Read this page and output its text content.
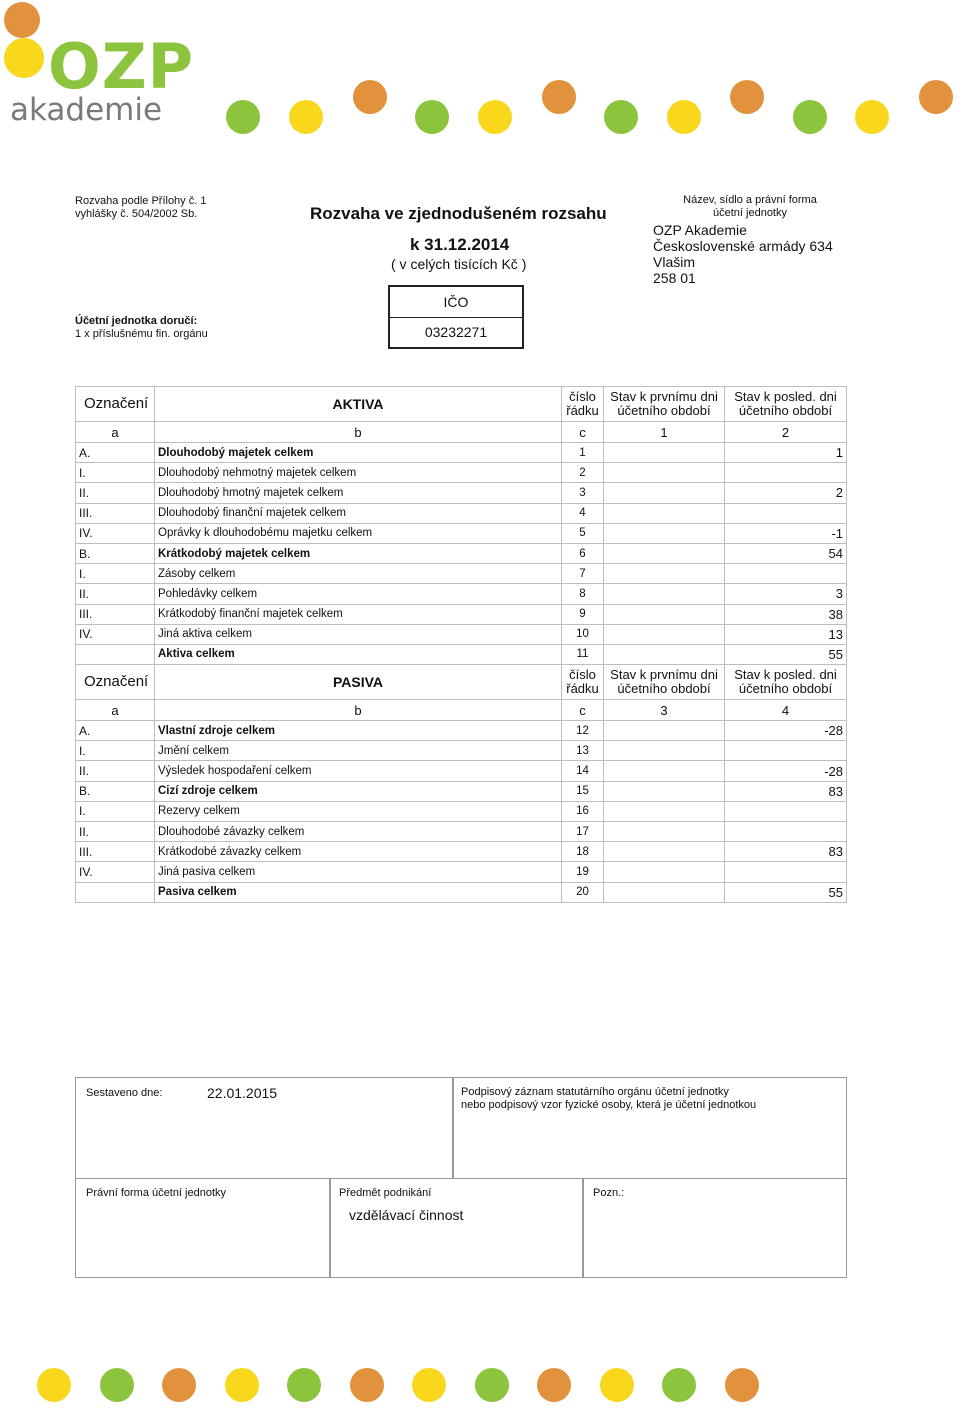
OZP
akademie
Rozvaha podle Přílohy č. 1
vyhlášky č. 504/2002 Sb.	Rozvaha ve zjednodušeném rozsahu
k 31.12.2014
( v celých tisících Kč )
IČO
03232271
Účetní jednotka doručí:
1 x příslušnému fin. orgánu
Název, sídlo a právní forma
účetní jednotky
OZP Akademie
Československé armády 634
Vlašim
258 01
Označení	AKTIVA	číslo
řádku	Stav k prvnímu dni
účetního období	Stav k posled. dni
účetního období
a	b	c	1	2
A.	Dlouhodobý majetek celkem	1		1
I.	Dlouhodobý nehmotný majetek celkem	2		
II.	Dlouhodobý hmotný majetek celkem	3		2
III.	Dlouhodobý finanční majetek celkem	4		
IV.	Oprávky k dlouhodobému majetku celkem	5		-1
B.	Krátkodobý majetek celkem	6		54
I.	Zásoby celkem	7		
II.	Pohledávky celkem	8		3
III.	Krátkodobý finanční majetek celkem	9		38
IV.	Jiná aktiva celkem	10		13
	Aktiva celkem	11		55
Označení	PASIVA	číslo
řádku	Stav k prvnímu dni
účetního období	Stav k posled. dni
účetního období
a	b	c	3	4
A.	Vlastní zdroje celkem	12		-28
I.	Jmění celkem	13		
II.	Výsledek hospodaření celkem	14		-28
B.	Cizí zdroje celkem	15		83
I.	Rezervy celkem	16		
II.	Dlouhodobé závazky celkem	17		
III.	Krátkodobé závazky celkem	18		83
IV.	Jiná pasiva celkem	19		
	Pasiva celkem	20		55
Sestaveno dne:	22.01.2015	Podpisový záznam statutárního orgánu účetní jednotky
nebo podpisový vzor fyzické osoby, která je účetní jednotkou
Právní forma účetní jednotky	Předmět podnikání
vzdělávací činnost
Pozn.:
